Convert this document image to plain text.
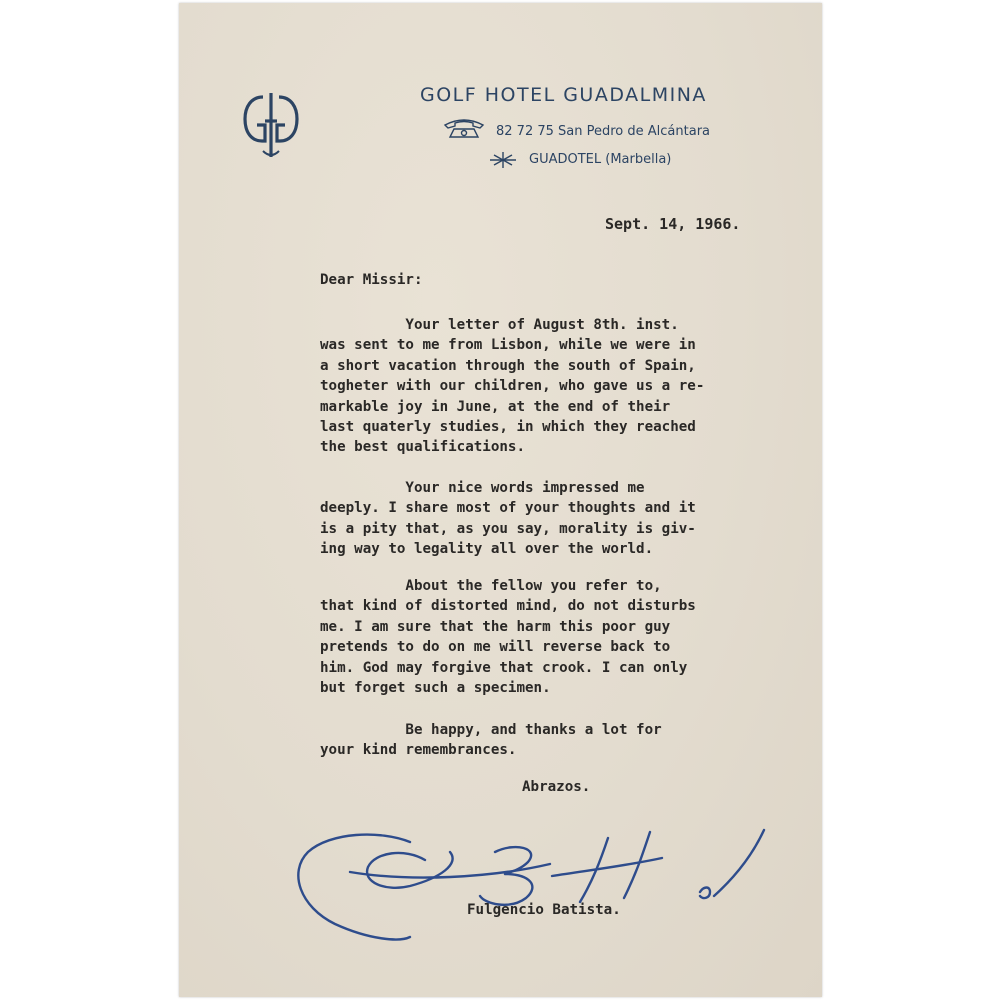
GOLF HOTEL GUADALMINA
82 72 75 San Pedro de Alcántara
GUADOTEL (Marbella)
Sept. 14, 1966.
Dear Missir:
Your letter of August 8th. inst.
was sent to me from Lisbon, while we were in
a short vacation through the south of Spain,
togheter with our children, who gave us a re-
markable joy in June, at the end of their
last quaterly studies, in which they reached
the best qualifications.
Your nice words impressed me
deeply. I share most of your thoughts and it
is a pity that, as you say, morality is giv-
ing way to legality all over the world.
About the fellow you refer to,
that kind of distorted mind, do not disturbs
me. I am sure that the harm this poor guy
pretends to do on me will reverse back to
him. God may forgive that crook. I can only
but forget such a specimen.
Be happy, and thanks a lot for
your kind remembrances.
Abrazos.
Fulgencio Batista.
